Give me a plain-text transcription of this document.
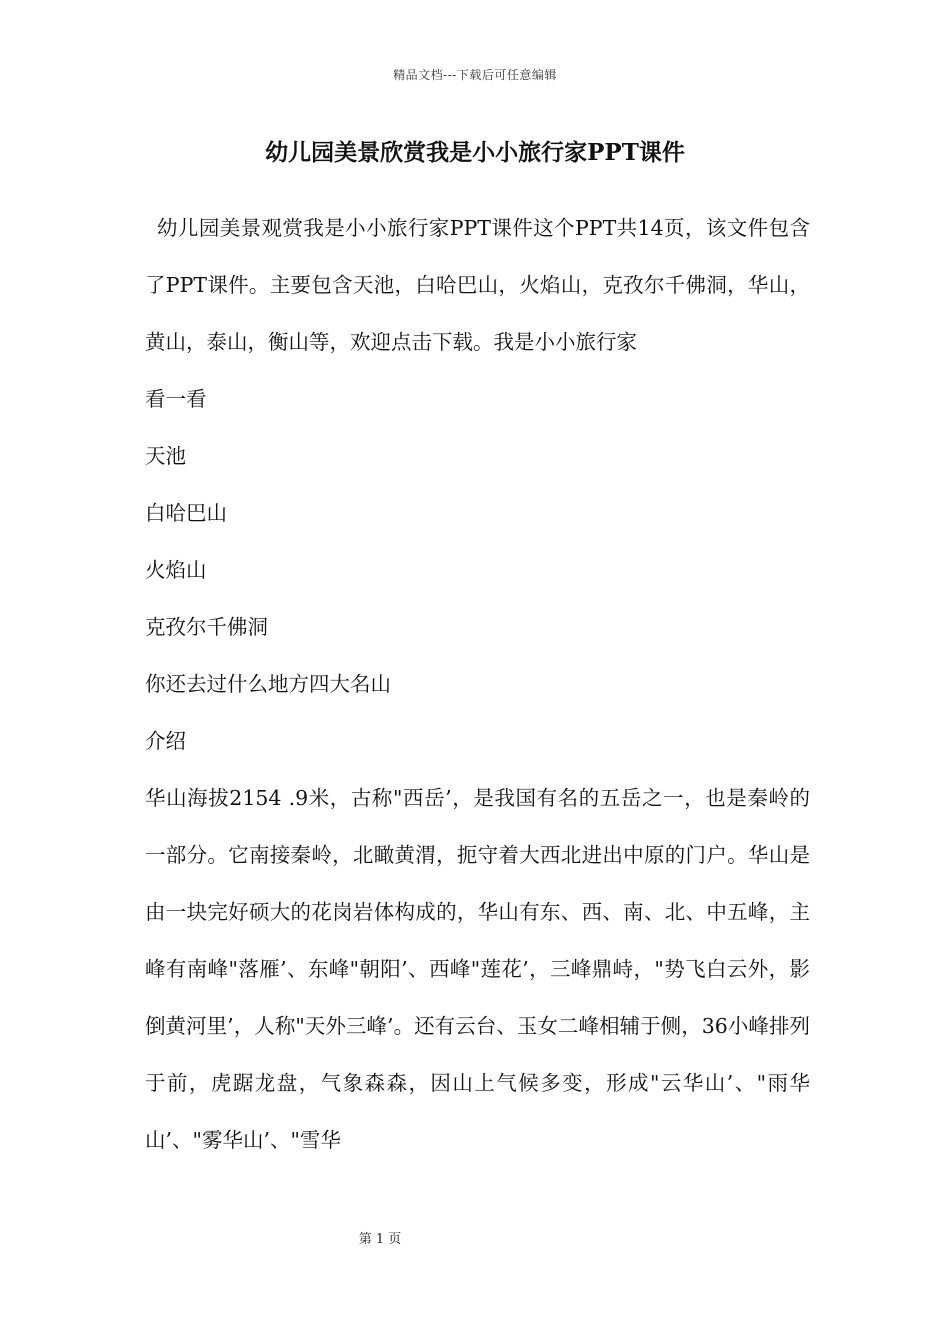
精品文档---下载后可任意编辑
幼儿园美景欣赏我是小小旅行家PPT课件

幼儿园美景观赏我是小小旅行家PPT课件这个PPT共14页，该文件包含了PPT课件。主要包含天池，白哈巴山，火焰山，克孜尔千佛洞，华山，黄山，泰山，衡山等，欢迎点击下载。我是小小旅行家

看一看

天池

白哈巴山

火焰山

克孜尔千佛洞

你还去过什么地方四大名山

介绍

华山海拔2154 .9米，古称"西岳’，是我国有名的五岳之一，也是秦岭的一部分。它南接秦岭，北瞰黄渭，扼守着大西北进出中原的门户。华山是由一块完好硕大的花岗岩体构成的，华山有东、西、南、北、中五峰，主峰有南峰"落雁’、东峰"朝阳’、西峰"莲花’，三峰鼎峙，"势飞白云外，影倒黄河里’，人称"天外三峰’。还有云台、玉女二峰相辅于侧，36小峰排列于前，虎踞龙盘，气象森森，因山上气候多变，形成"云华山’、"雨华山’、"雾华山’、"雪华

第 1 页
